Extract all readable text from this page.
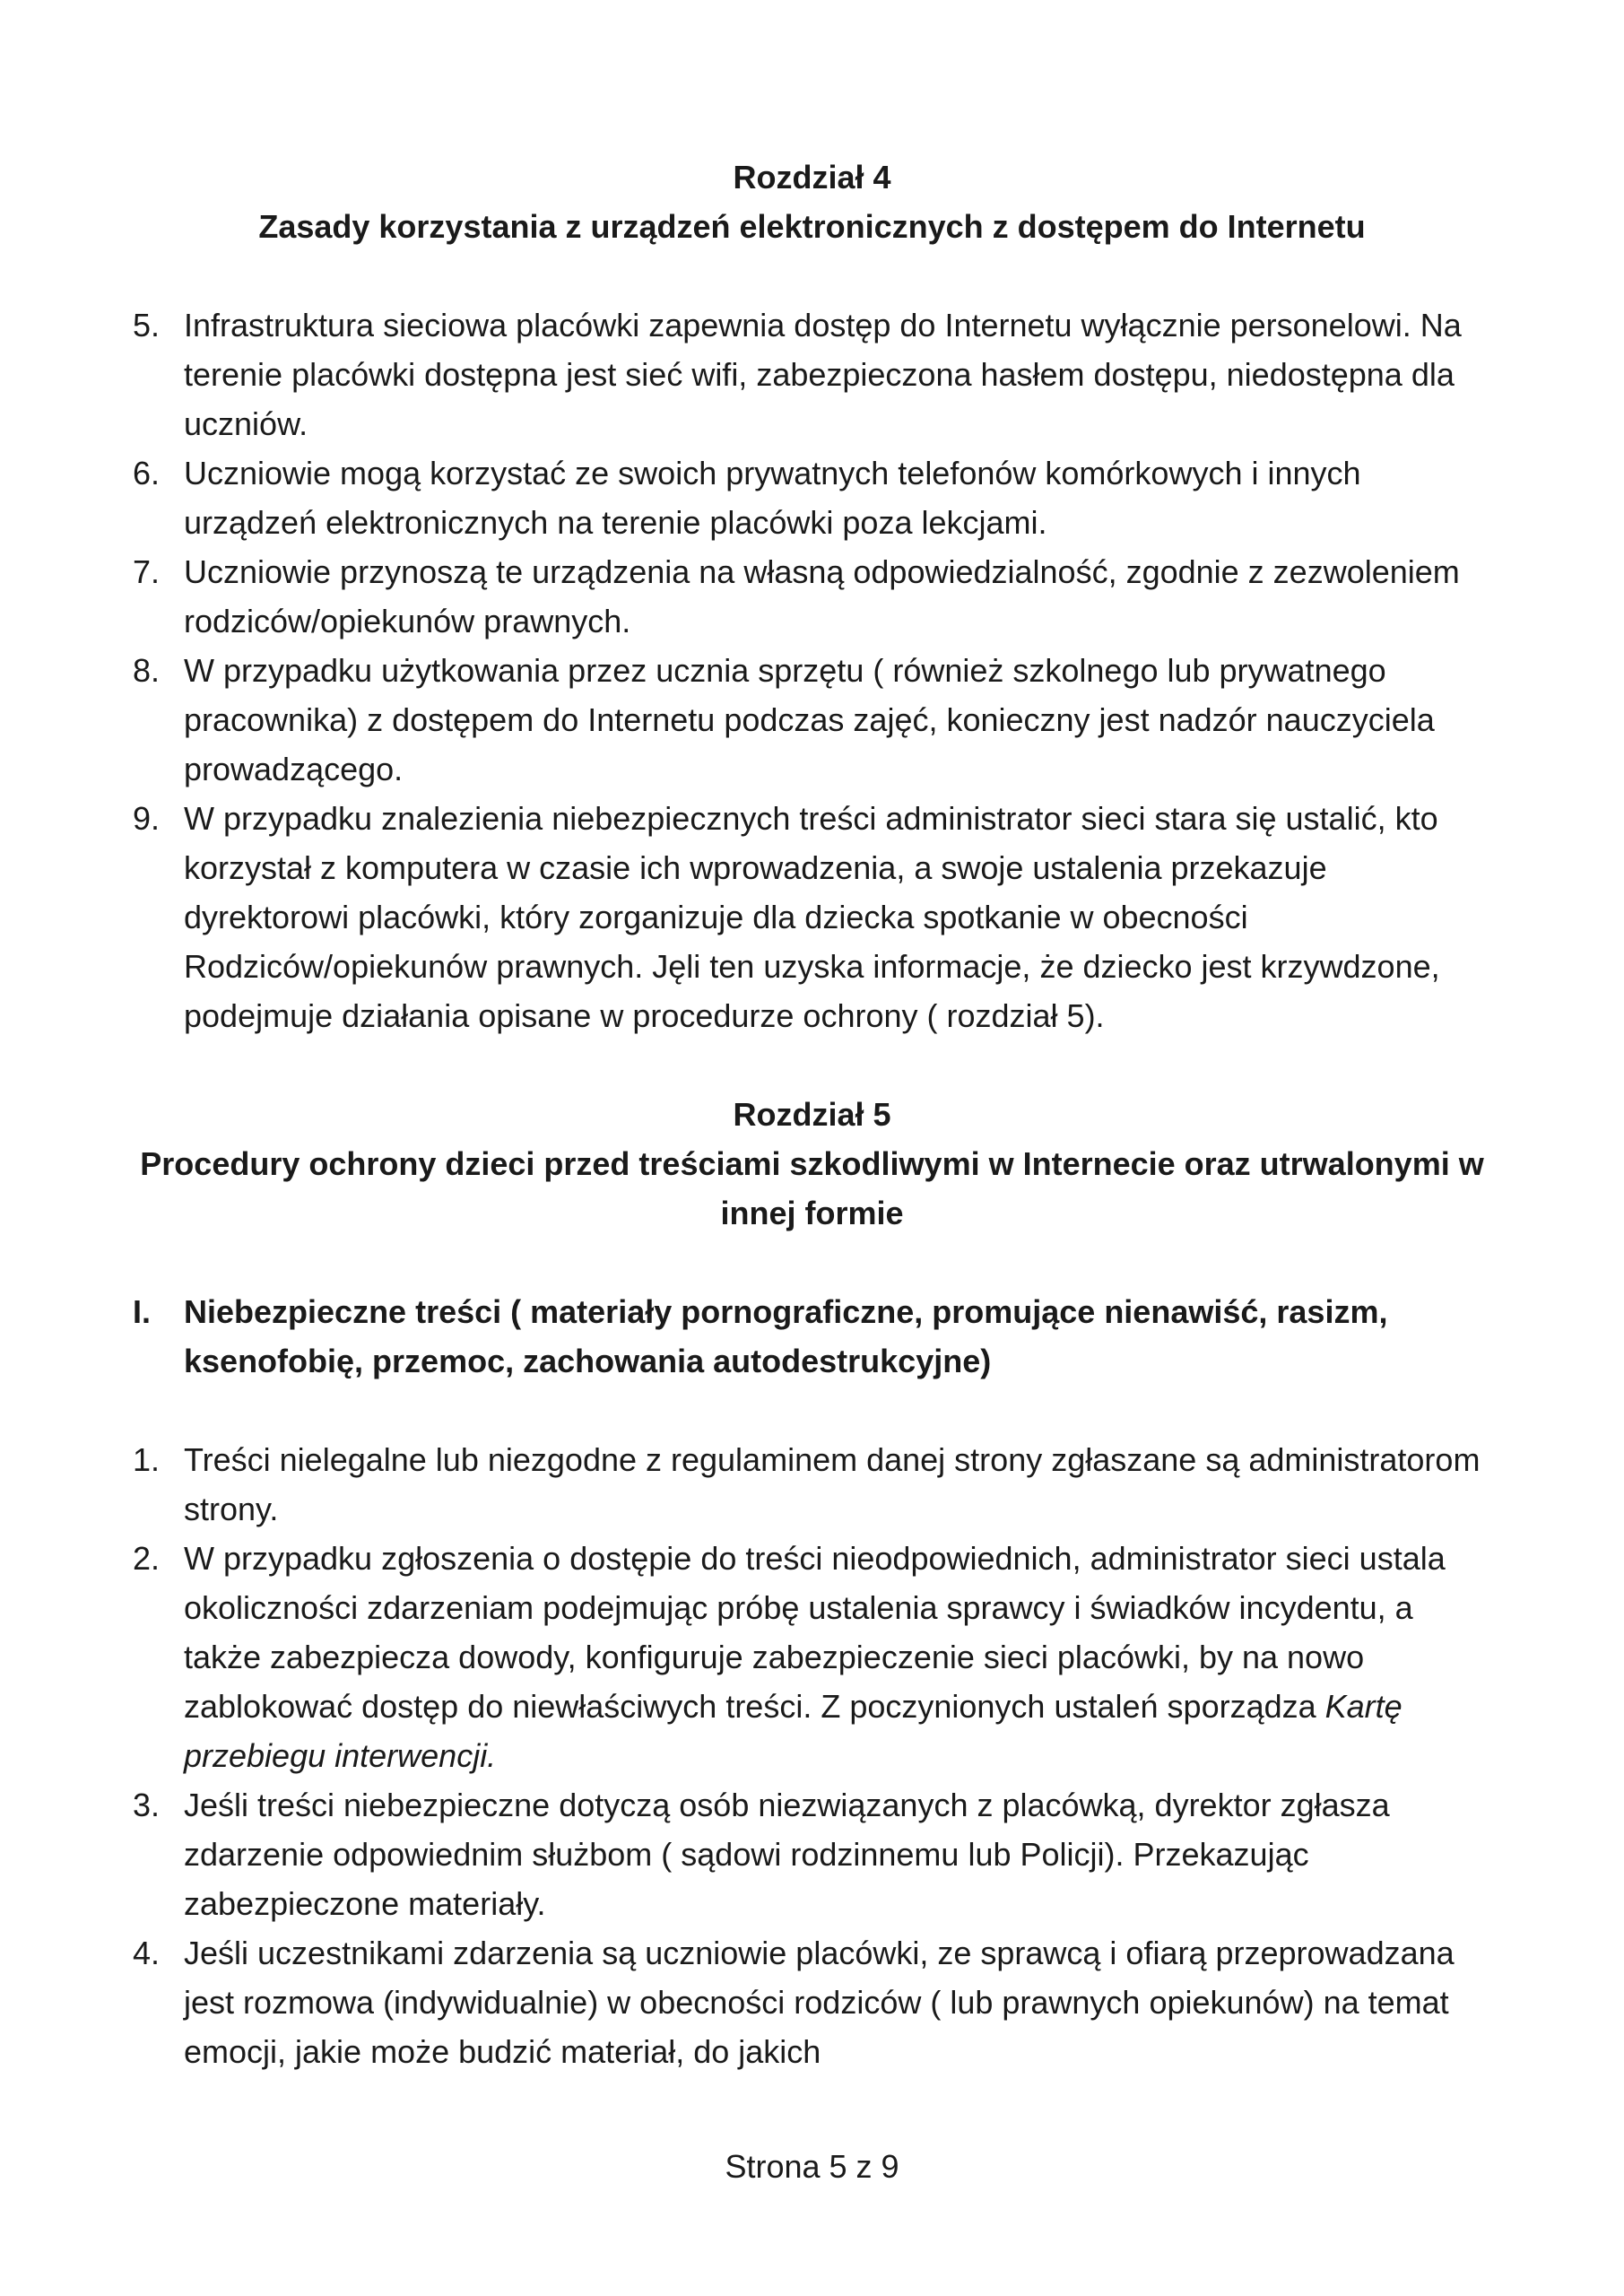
Rozdział 4
Zasady korzystania z urządzeń elektronicznych z dostępem do Internetu
5. Infrastruktura sieciowa placówki zapewnia dostęp do Internetu wyłącznie personelowi. Na terenie placówki dostępna jest sieć wifi, zabezpieczona hasłem dostępu, niedostępna dla uczniów.
6. Uczniowie mogą korzystać ze swoich prywatnych telefonów komórkowych i innych urządzeń elektronicznych na terenie placówki poza lekcjami.
7. Uczniowie przynoszą te urządzenia na własną odpowiedzialność, zgodnie z zezwoleniem rodziców/opiekunów prawnych.
8. W przypadku użytkowania przez ucznia sprzętu ( również szkolnego lub prywatnego pracownika) z dostępem do Internetu podczas zajęć, konieczny jest nadzór nauczyciela prowadzącego.
9. W przypadku znalezienia niebezpiecznych treści administrator sieci stara się ustalić, kto korzystał z komputera w czasie ich wprowadzenia, a swoje ustalenia przekazuje dyrektorowi placówki, który zorganizuje dla dziecka spotkanie w obecności Rodziców/opiekunów prawnych. Jęli ten uzyska informacje, że dziecko jest krzywdzone, podejmuje działania opisane w procedurze ochrony ( rozdział 5).
Rozdział 5
Procedury ochrony dzieci przed treściami szkodliwymi w Internecie oraz utrwalonymi w innej formie
I. Niebezpieczne treści ( materiały pornograficzne, promujące nienawiść, rasizm, ksenofobię, przemoc, zachowania autodestrukcyjne)
1. Treści nielegalne lub niezgodne z regulaminem danej strony zgłaszane są administratorom strony.
2. W przypadku zgłoszenia o dostępie do treści nieodpowiednich, administrator sieci ustala okoliczności zdarzeniam podejmując próbę ustalenia sprawcy i świadków incydentu, a także zabezpiecza dowody, konfiguruje zabezpieczenie sieci placówki, by na nowo zablokować dostęp do niewłaściwych treści. Z poczynionych ustaleń sporządza Kartę przebiegu interwencji.
3. Jeśli treści niebezpieczne dotyczą osób niezwiązanych z placówką, dyrektor zgłasza zdarzenie odpowiednim służbom ( sądowi rodzinnemu lub Policji). Przekazując zabezpieczone materiały.
4. Jeśli uczestnikami zdarzenia są uczniowie placówki, ze sprawcą i ofiarą przeprowadzana jest rozmowa (indywidualnie) w obecności rodziców ( lub prawnych opiekunów) na temat emocji, jakie może budzić materiał, do jakich
Strona 5 z 9
